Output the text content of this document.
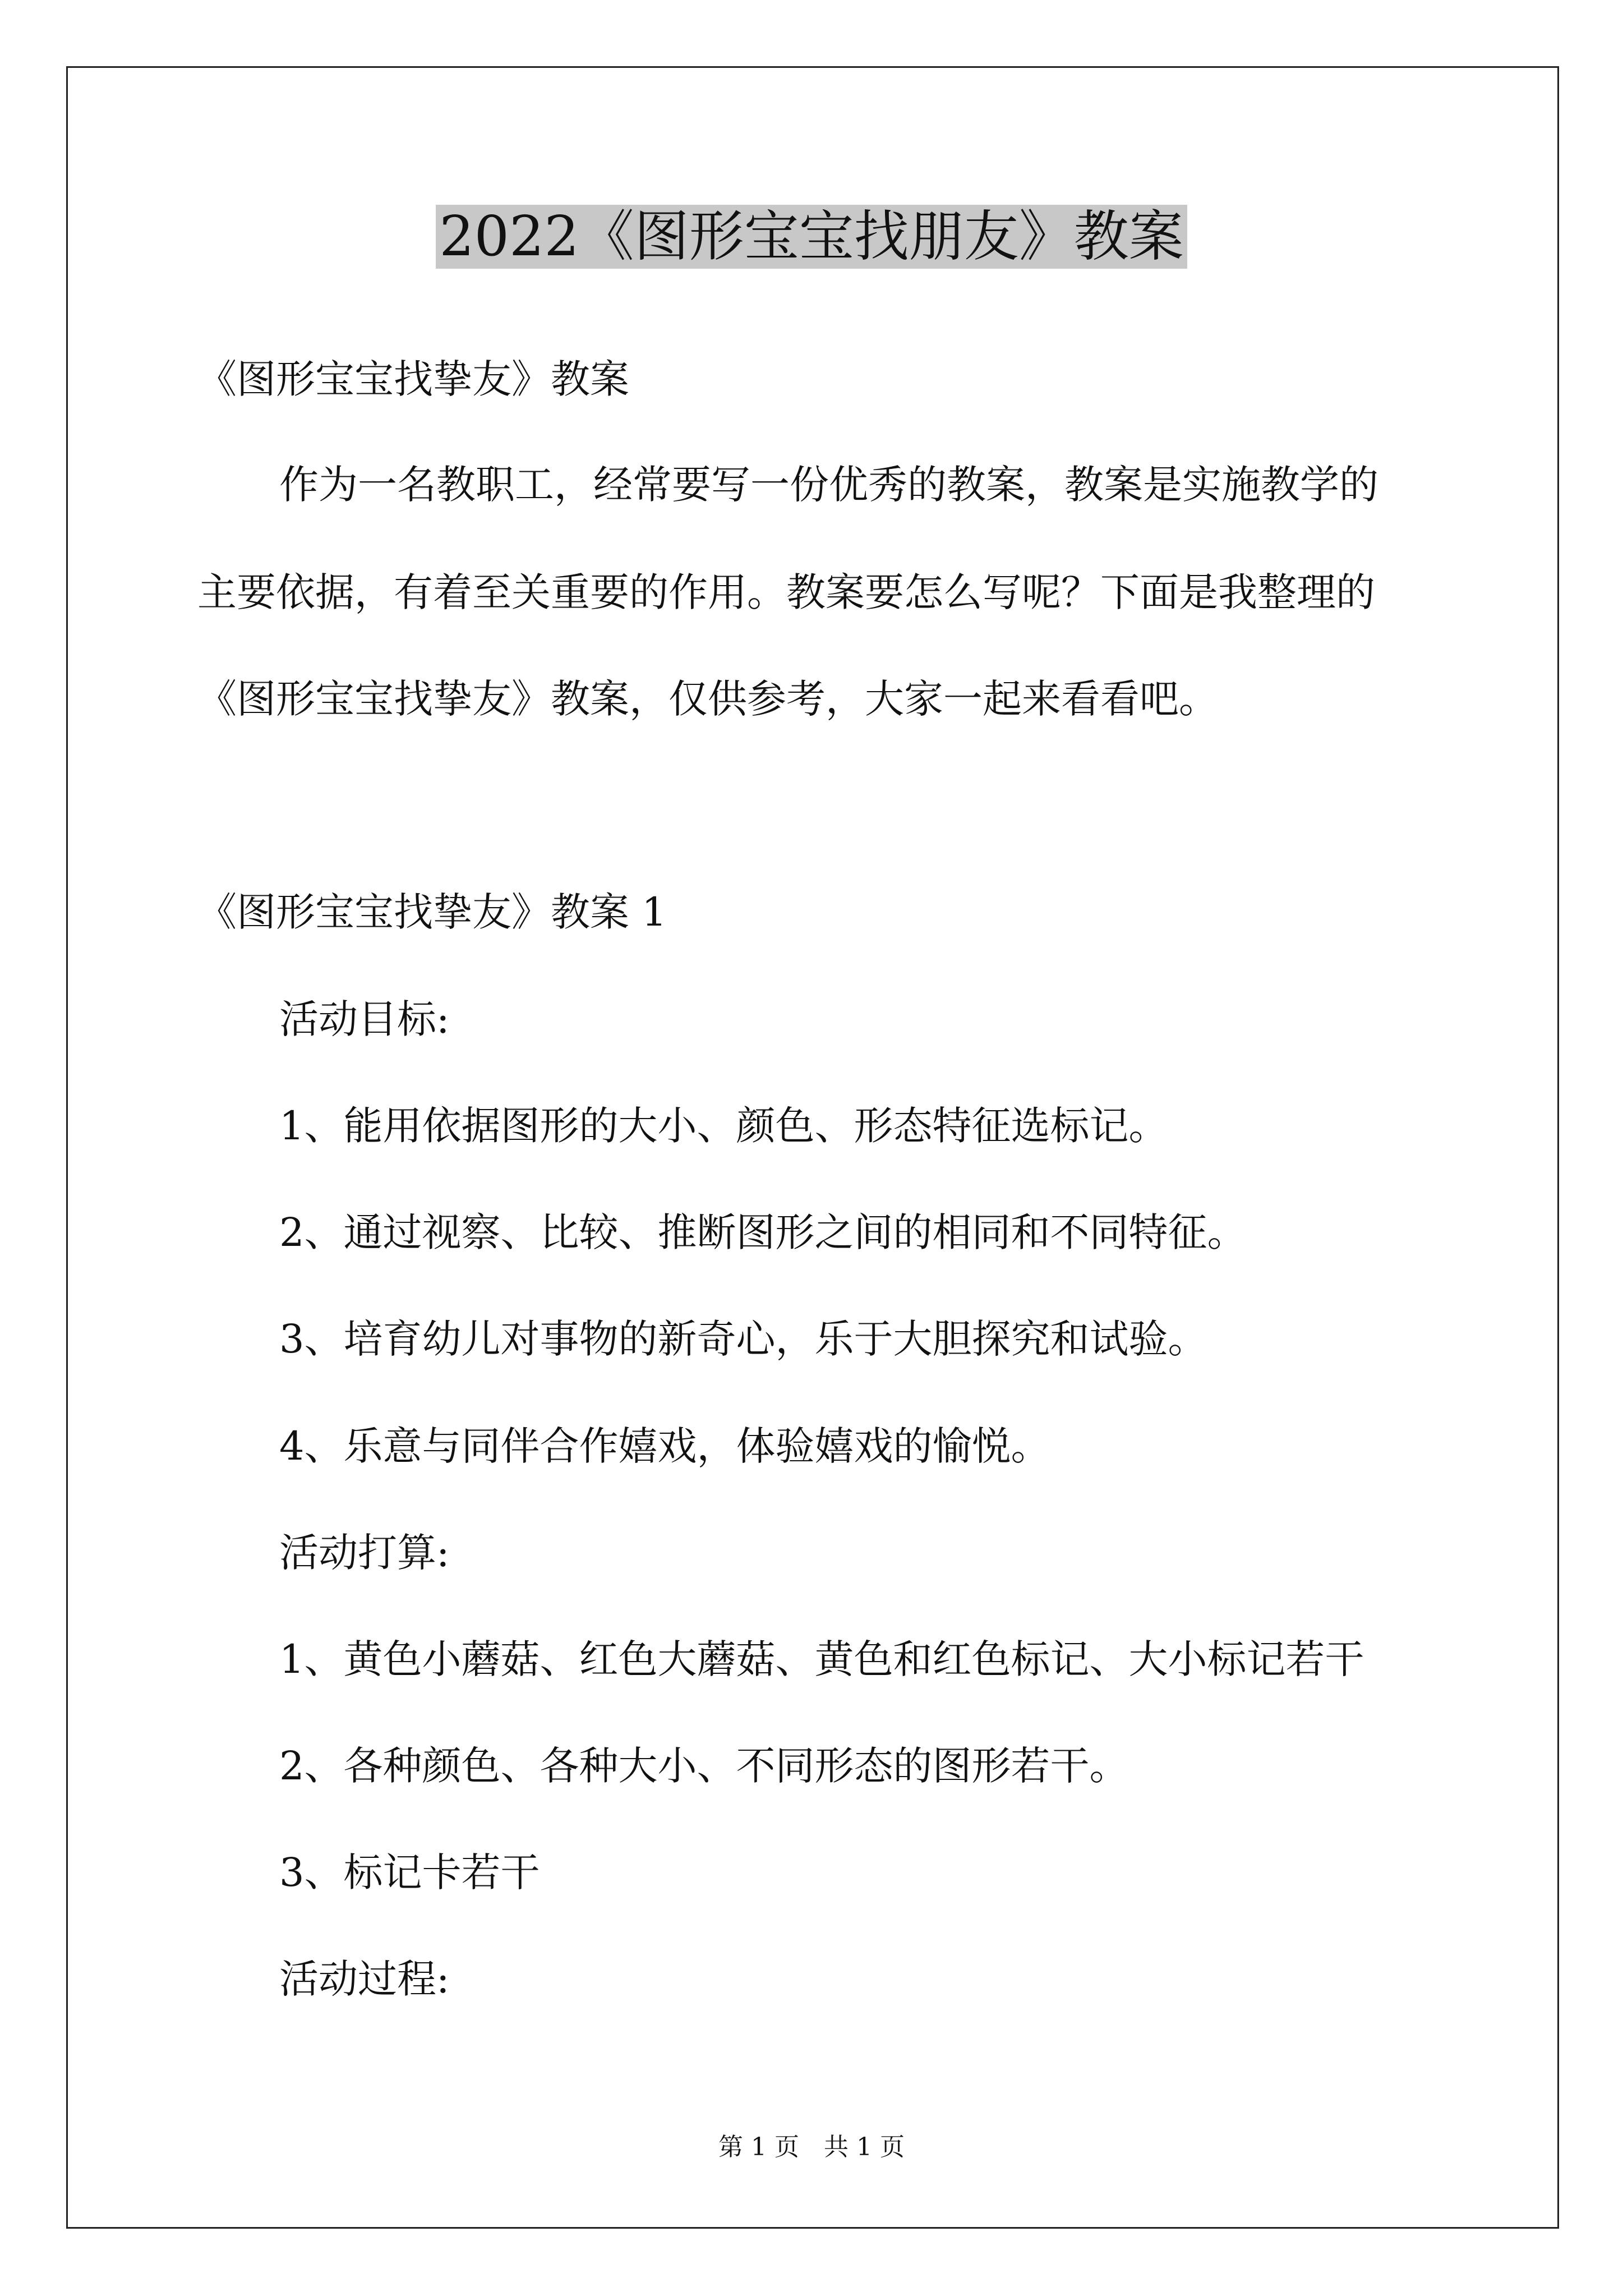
2022《图形宝宝找朋友》教案
《图形宝宝找挚友》教案
作为一名教职工，经常要写一份优秀的教案，教案是实施教学的
主要依据，有着至关重要的作用。教案要怎么写呢？下面是我整理的
《图形宝宝找挚友》教案，仅供参考，大家一起来看看吧。
《图形宝宝找挚友》教案 1
活动目标:
1、能用依据图形的大小、颜色、形态特征选标记。
2、通过视察、比较、推断图形之间的相同和不同特征。
3、培育幼儿对事物的新奇心，乐于大胆探究和试验。
4、乐意与同伴合作嬉戏，体验嬉戏的愉悦。
活动打算:
1、黄色小蘑菇、红色大蘑菇、黄色和红色标记、大小标记若干
2、各种颜色、各种大小、不同形态的图形若干。
3、标记卡若干
活动过程:
第 1 页　共 1 页
